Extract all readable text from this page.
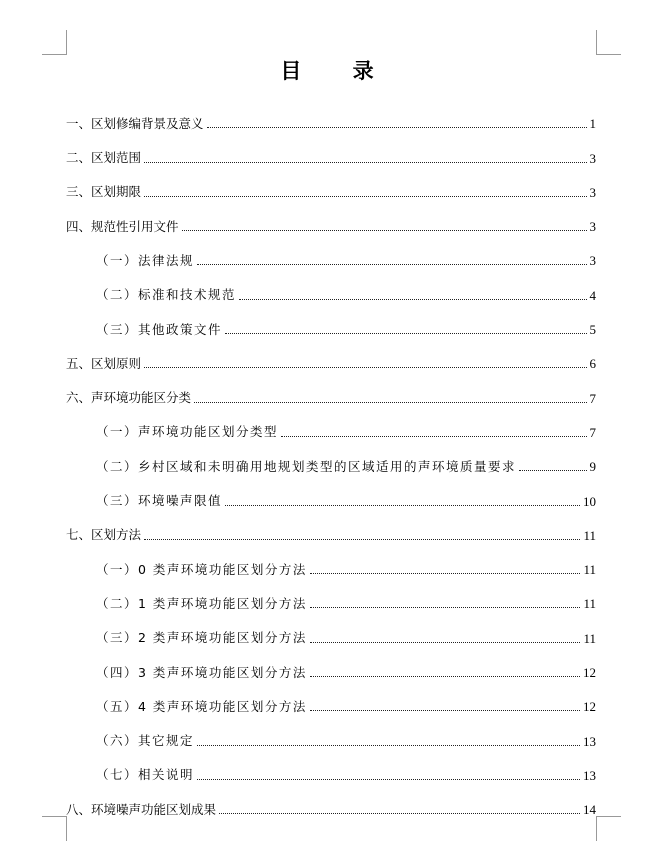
目 录
一、区划修编背景及意义	1
二、区划范围	3
三、区划期限	3
四、规范性引用文件	3
（一）法律法规	3
（二）标准和技术规范	4
（三）其他政策文件	5
五、区划原则	6
六、声环境功能区分类	7
（一）声环境功能区划分类型	7
（二）乡村区域和未明确用地规划类型的区域适用的声环境质量要求	9
（三）环境噪声限值	10
七、区划方法	11
（一）0 类声环境功能区划分方法	11
（二）1 类声环境功能区划分方法	11
（三）2 类声环境功能区划分方法	11
（四）3 类声环境功能区划分方法	12
（五）4 类声环境功能区划分方法	12
（六）其它规定	13
（七）相关说明	13
八、环境噪声功能区划成果	14
